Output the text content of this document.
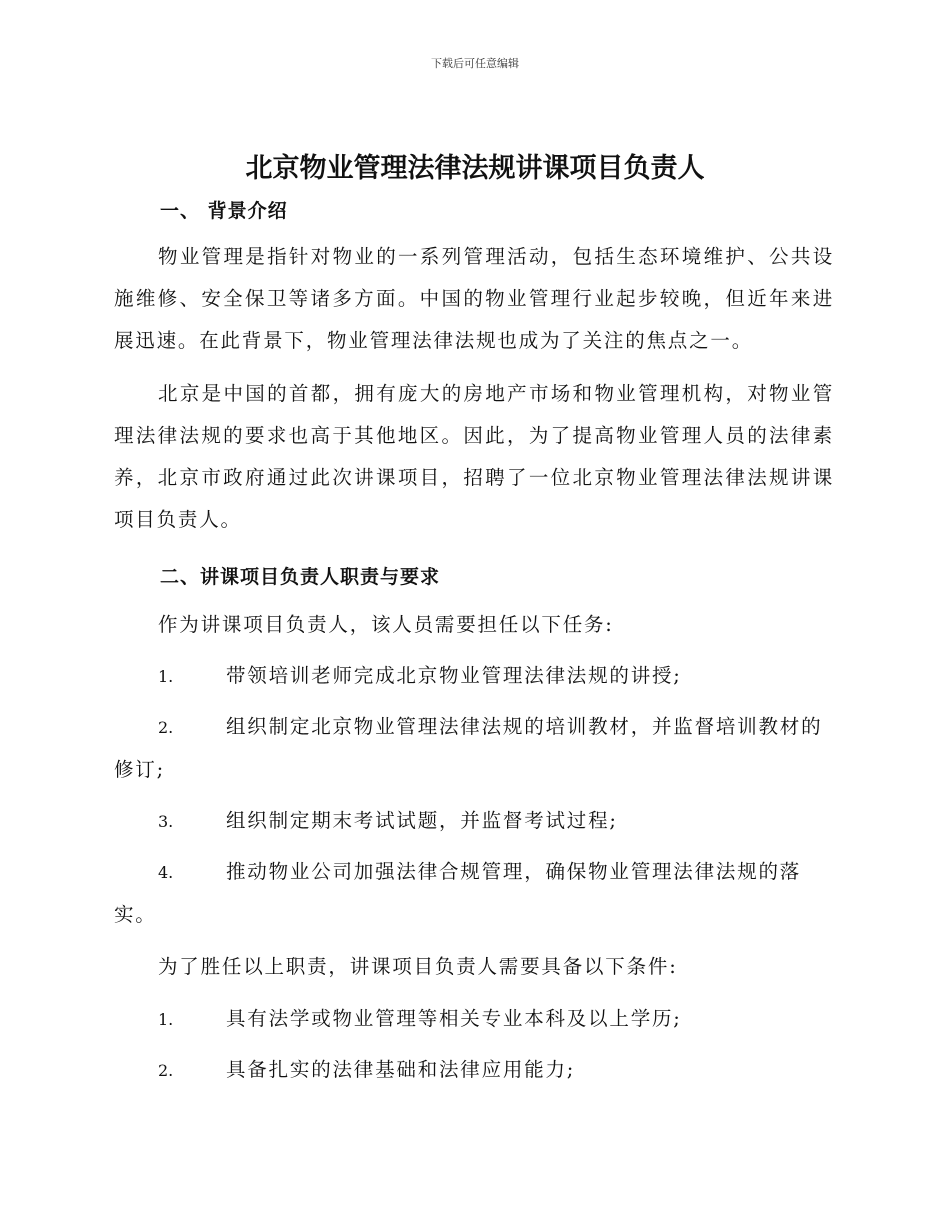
下载后可任意编辑
北京物业管理法律法规讲课项目负责人
一、 背景介绍

物业管理是指针对物业的一系列管理活动，包括生态环境维护、公共设施维修、安全保卫等诸多方面。中国的物业管理行业起步较晚，但近年来进展迅速。在此背景下，物业管理法律法规也成为了关注的焦点之一。

北京是中国的首都，拥有庞大的房地产市场和物业管理机构，对物业管理法律法规的要求也高于其他地区。因此，为了提高物业管理人员的法律素养，北京市政府通过此次讲课项目，招聘了一位北京物业管理法律法规讲课项目负责人。

二、讲课项目负责人职责与要求

作为讲课项目负责人，该人员需要担任以下任务:

1.	带领培训老师完成北京物业管理法律法规的讲授;

2.	组织制定北京物业管理法律法规的培训教材，并监督培训教材的修订;

3.	组织制定期末考试试题，并监督考试过程;

4.	推动物业公司加强法律合规管理，确保物业管理法律法规的落实。

为了胜任以上职责，讲课项目负责人需要具备以下条件:

1.	具有法学或物业管理等相关专业本科及以上学历;

2.	具备扎实的法律基础和法律应用能力;
